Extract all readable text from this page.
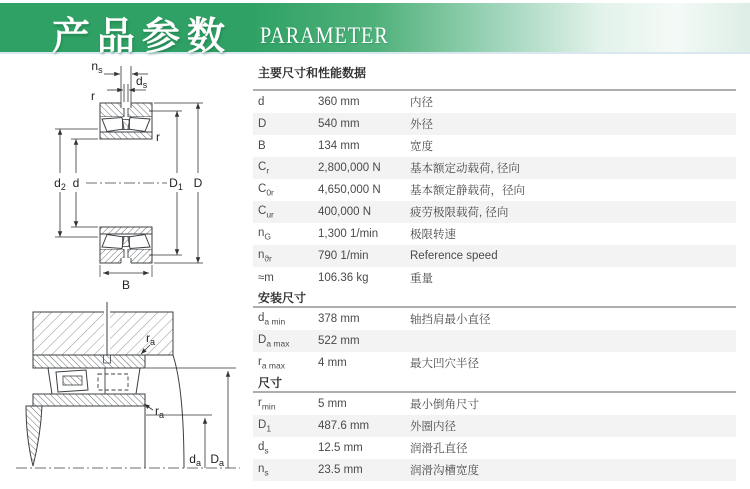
产品参数 PARAMETER
$n_s$
$d_s$
r
r
$d_2$ d	$D_1$ D
B
$r_a$
$r_a$
$d_a$ $D_a$
主要尺寸和性能数据
d	360 mm	内径
D	540 mm	外径
B	134 mm	宽度
$C_r$	2,800,000 N	基本额定动载荷, 径向
$C_{0r}$	4,650,000 N	基本额定静载荷，径向
$C_{ur}$	400,000 N	疲劳极限载荷, 径向
$n_G$	1,300 1/min	极限转速
$n_{ϑr}$	790 1/min	Reference speed
≈m	106.36 kg	重量
安装尺寸
$d_{a min}$	378 mm	轴挡肩最小直径
$D_{a max}$	522 mm
$r_{a max}$	4 mm	最大凹穴半径
尺寸
$r_{min}$	5 mm	最小倒角尺寸
$D_1$	487.6 mm	外圈内径
$d_s$	12.5 mm	润滑孔直径
$n_s$	23.5 mm	润滑沟槽宽度
